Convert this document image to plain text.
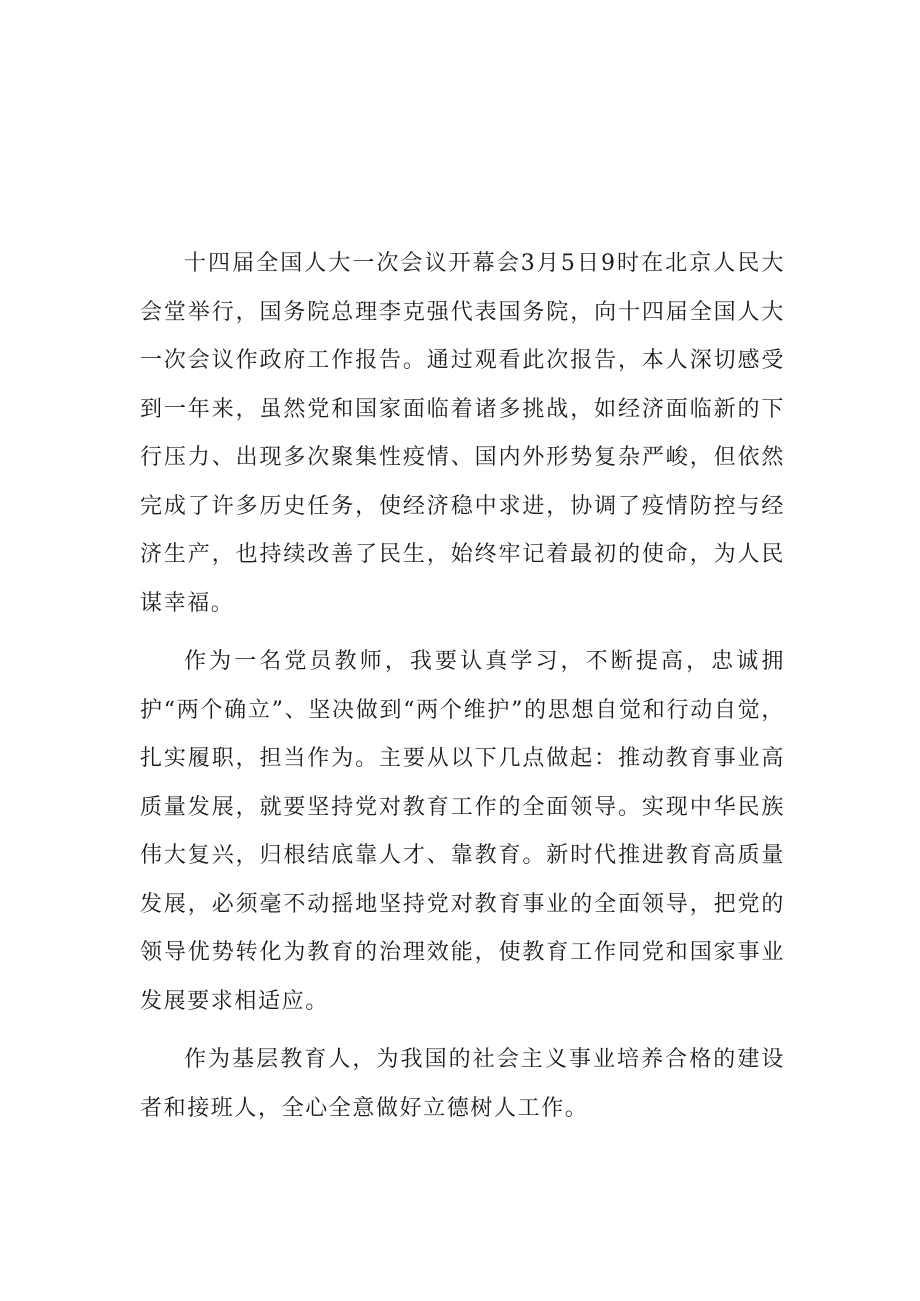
十四届全国人大一次会议开幕会3月5日9时在北京人民大会堂举行，国务院总理李克强代表国务院，向十四届全国人大一次会议作政府工作报告。通过观看此次报告，本人深切感受到一年来，虽然党和国家面临着诸多挑战，如经济面临新的下行压力、出现多次聚集性疫情、国内外形势复杂严峻，但依然完成了许多历史任务，使经济稳中求进，协调了疫情防控与经济生产，也持续改善了民生，始终牢记着最初的使命，为人民谋幸福。

作为一名党员教师，我要认真学习，不断提高，忠诚拥护“两个确立”、坚决做到“两个维护”的思想自觉和行动自觉，扎实履职，担当作为。主要从以下几点做起：推动教育事业高质量发展，就要坚持党对教育工作的全面领导。实现中华民族伟大复兴，归根结底靠人才、靠教育。新时代推进教育高质量发展，必须毫不动摇地坚持党对教育事业的全面领导，把党的领导优势转化为教育的治理效能，使教育工作同党和国家事业发展要求相适应。

作为基层教育人，为我国的社会主义事业培养合格的建设者和接班人，全心全意做好立德树人工作。
